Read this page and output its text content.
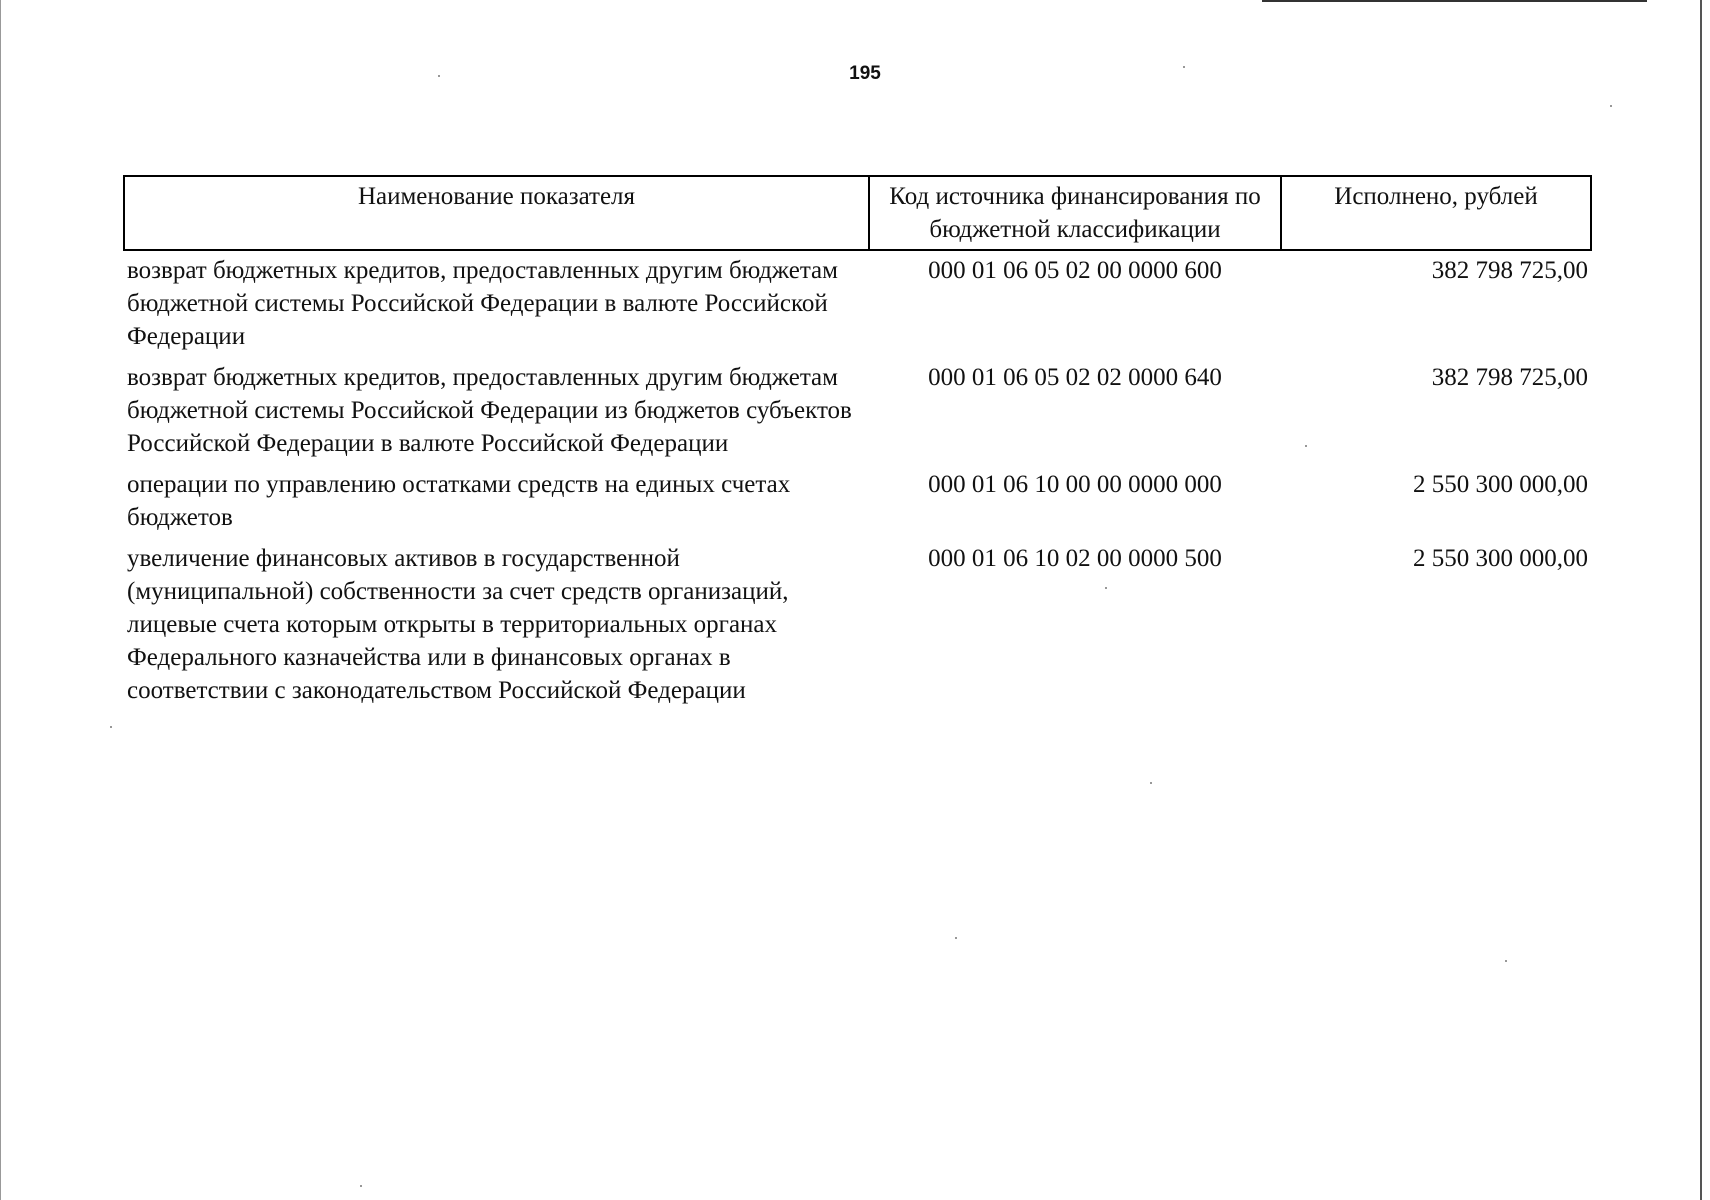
195
Наименование показателя	Код источника финансирования по бюджетной классификации	Исполнено, рублей
возврат бюджетных кредитов, предоставленных другим бюджетам бюджетной системы Российской Федерации в валюте Российской Федерации	000 01 06 05 02 00 0000 600	382 798 725,00
возврат бюджетных кредитов, предоставленных другим бюджетам бюджетной системы Российской Федерации из бюджетов субъектов Российской Федерации в валюте Российской Федерации	000 01 06 05 02 02 0000 640	382 798 725,00
операции по управлению остатками средств на единых счетах бюджетов	000 01 06 10 00 00 0000 000	2 550 300 000,00
увеличение финансовых активов в государственной (муниципальной) собственности за счет средств организаций, лицевые счета которым открыты в территориальных органах Федерального казначейства или в финансовых органах в соответствии с законодательством Российской Федерации	000 01 06 10 02 00 0000 500	2 550 300 000,00
